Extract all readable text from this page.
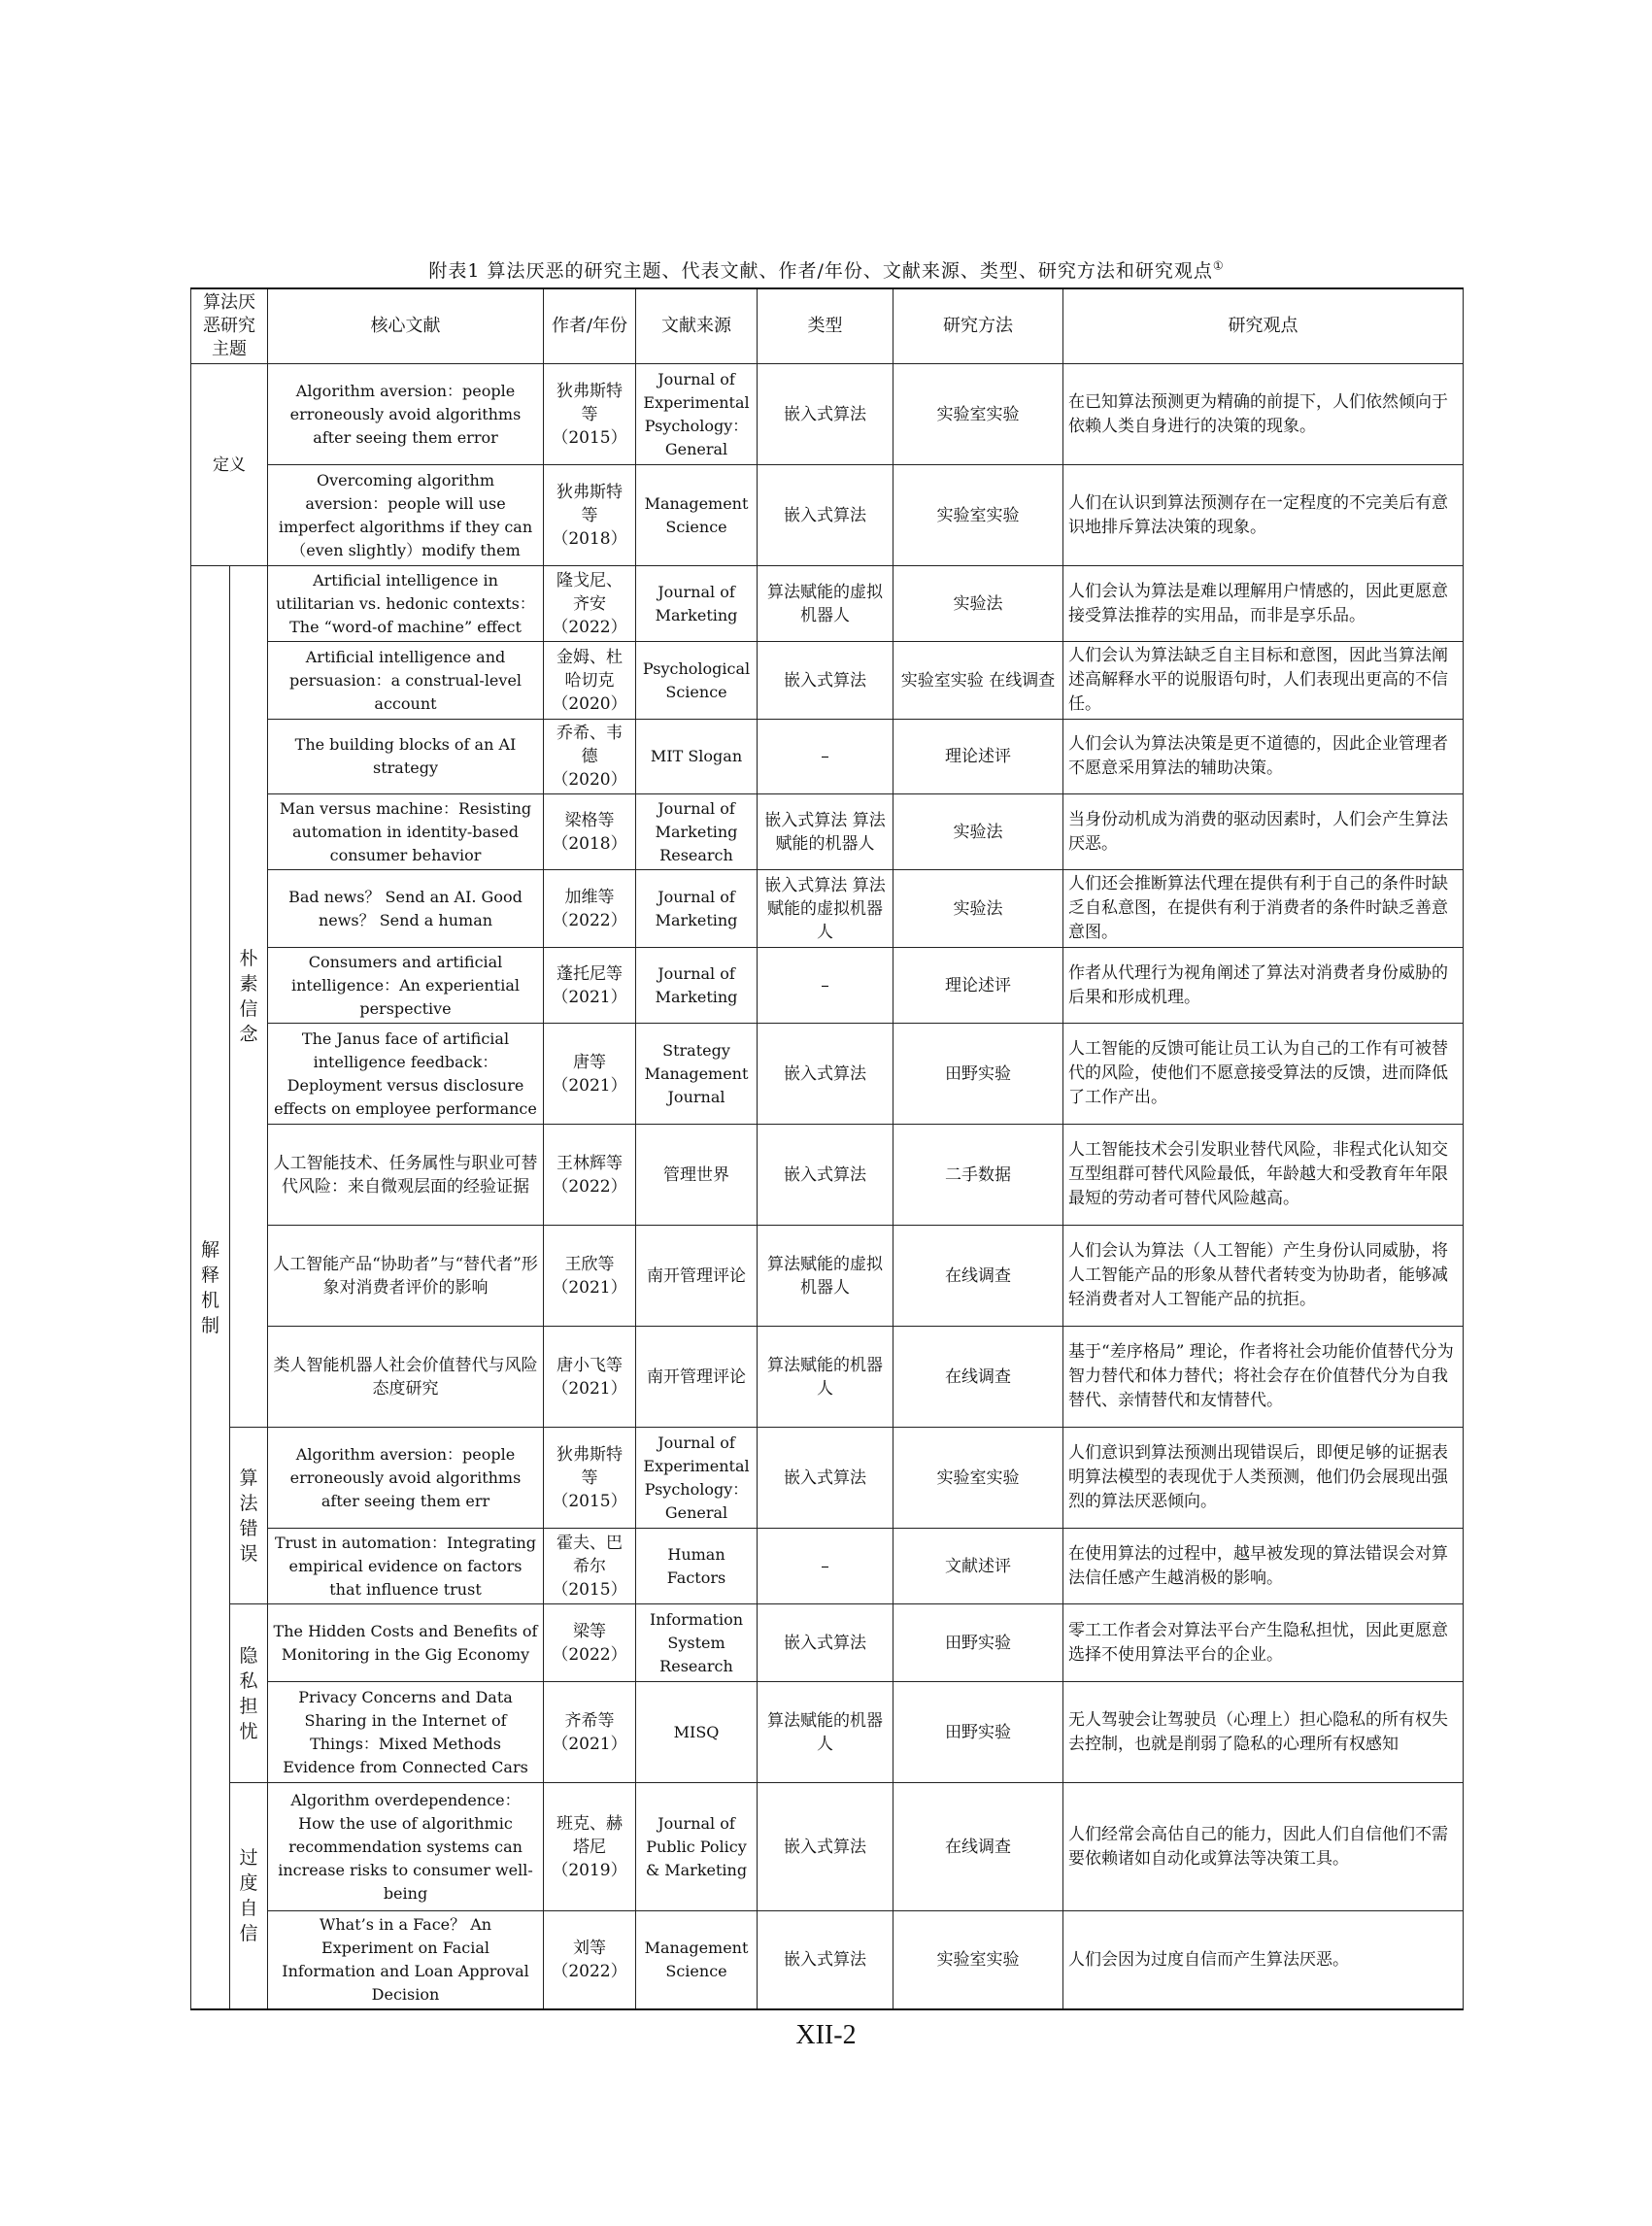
附表1 算法厌恶的研究主题、代表文献、作者/年份、文献来源、类型、研究方法和研究观点①
算法厌恶研究主题		核心文献	作者/年份	文献来源	类型	研究方法	研究观点
定义		Algorithm aversion：people erroneously avoid algorithms after seeing them error	狄弗斯特等（2015）	Journal of Experimental Psychology：General	嵌入式算法	实验室实验	在已知算法预测更为精确的前提下，人们依然倾向于依赖人类自身进行的决策的现象。
		Overcoming algorithm aversion：people will use imperfect algorithms if they can（even slightly）modify them	狄弗斯特等（2018）	Management Science	嵌入式算法	实验室实验	人们在认识到算法预测存在一定程度的不完美后有意识地排斥算法决策的现象。
解释机制	朴素信念	Artificial intelligence in utilitarian vs. hedonic contexts：The “word-of machine” effect	隆戈尼、齐安（2022）	Journal of Marketing	算法赋能的虚拟机器人	实验法	人们会认为算法是难以理解用户情感的，因此更愿意接受算法推荐的实用品，而非是享乐品。
		Artificial intelligence and persuasion：a construal-level account	金姆、杜哈切克（2020）	Psychological Science	嵌入式算法	实验室实验 在线调查	人们会认为算法缺乏自主目标和意图，因此当算法阐述高解释水平的说服语句时，人们表现出更高的不信任。
		The building blocks of an AI strategy	乔希、韦德（2020）	MIT Slogan	–	理论述评	人们会认为算法决策是更不道德的，因此企业管理者不愿意采用算法的辅助决策。
		Man versus machine：Resisting automation in identity-based consumer behavior	梁格等（2018）	Journal of Marketing Research	嵌入式算法 算法赋能的机器人	实验法	当身份动机成为消费的驱动因素时，人们会产生算法厌恶。
		Bad news？ Send an AI. Good news？ Send a human	加维等（2022）	Journal of Marketing	嵌入式算法 算法赋能的虚拟机器人	实验法	人们还会推断算法代理在提供有利于自己的条件时缺乏自私意图，在提供有利于消费者的条件时缺乏善意意图。
		Consumers and artificial intelligence：An experiential perspective	蓬托尼等（2021）	Journal of Marketing	–	理论述评	作者从代理行为视角阐述了算法对消费者身份威胁的后果和形成机理。
		The Janus face of artificial intelligence feedback：Deployment versus disclosure effects on employee performance	唐等（2021）	Strategy Management Journal	嵌入式算法	田野实验	人工智能的反馈可能让员工认为自己的工作有可被替代的风险，使他们不愿意接受算法的反馈，进而降低了工作产出。
		人工智能技术、任务属性与职业可替代风险：来自微观层面的经验证据	王林辉等（2022）	管理世界	嵌入式算法	二手数据	人工智能技术会引发职业替代风险，非程式化认知交互型组群可替代风险最低，年龄越大和受教育年年限最短的劳动者可替代风险越高。
		人工智能产品“协助者”与“替代者”形象对消费者评价的影响	王欣等（2021）	南开管理评论	算法赋能的虚拟机器人	在线调查	人们会认为算法（人工智能）产生身份认同威胁，将人工智能产品的形象从替代者转变为协助者，能够减轻消费者对人工智能产品的抗拒。
		类人智能机器人社会价值替代与风险态度研究	唐小飞等（2021）	南开管理评论	算法赋能的机器人	在线调查	基于“差序格局” 理论，作者将社会功能价值替代分为智力替代和体力替代；将社会存在价值替代分为自我替代、亲情替代和友情替代。
	算法错误	Algorithm aversion：people erroneously avoid algorithms after seeing them err	狄弗斯特等（2015）	Journal of Experimental Psychology：General	嵌入式算法	实验室实验	人们意识到算法预测出现错误后，即便足够的证据表明算法模型的表现优于人类预测，他们仍会展现出强烈的算法厌恶倾向。
		Trust in automation：Integrating empirical evidence on factors that influence trust	霍夫、巴希尔（2015）	Human Factors	–	文献述评	在使用算法的过程中，越早被发现的算法错误会对算法信任感产生越消极的影响。
	隐私担忧	The Hidden Costs and Benefits of Monitoring in the Gig Economy	梁等（2022）	Information System Research	嵌入式算法	田野实验	零工工作者会对算法平台产生隐私担忧，因此更愿意选择不使用算法平台的企业。
		Privacy Concerns and Data Sharing in the Internet of Things：Mixed Methods Evidence from Connected Cars	齐希等（2021）	MISQ	算法赋能的机器人	田野实验	无人驾驶会让驾驶员（心理上）担心隐私的所有权失去控制，也就是削弱了隐私的心理所有权感知
	过度自信	Algorithm overdependence：How the use of algorithmic recommendation systems can increase risks to consumer well-being	班克、赫塔尼（2019）	Journal of Public Policy & Marketing	嵌入式算法	在线调查	人们经常会高估自己的能力，因此人们自信他们不需要依赖诸如自动化或算法等决策工具。
		What’s in a Face？ An Experiment on Facial Information and Loan Approval Decision	刘等（2022）	Management Science	嵌入式算法	实验室实验	人们会因为过度自信而产生算法厌恶。
XII-2
